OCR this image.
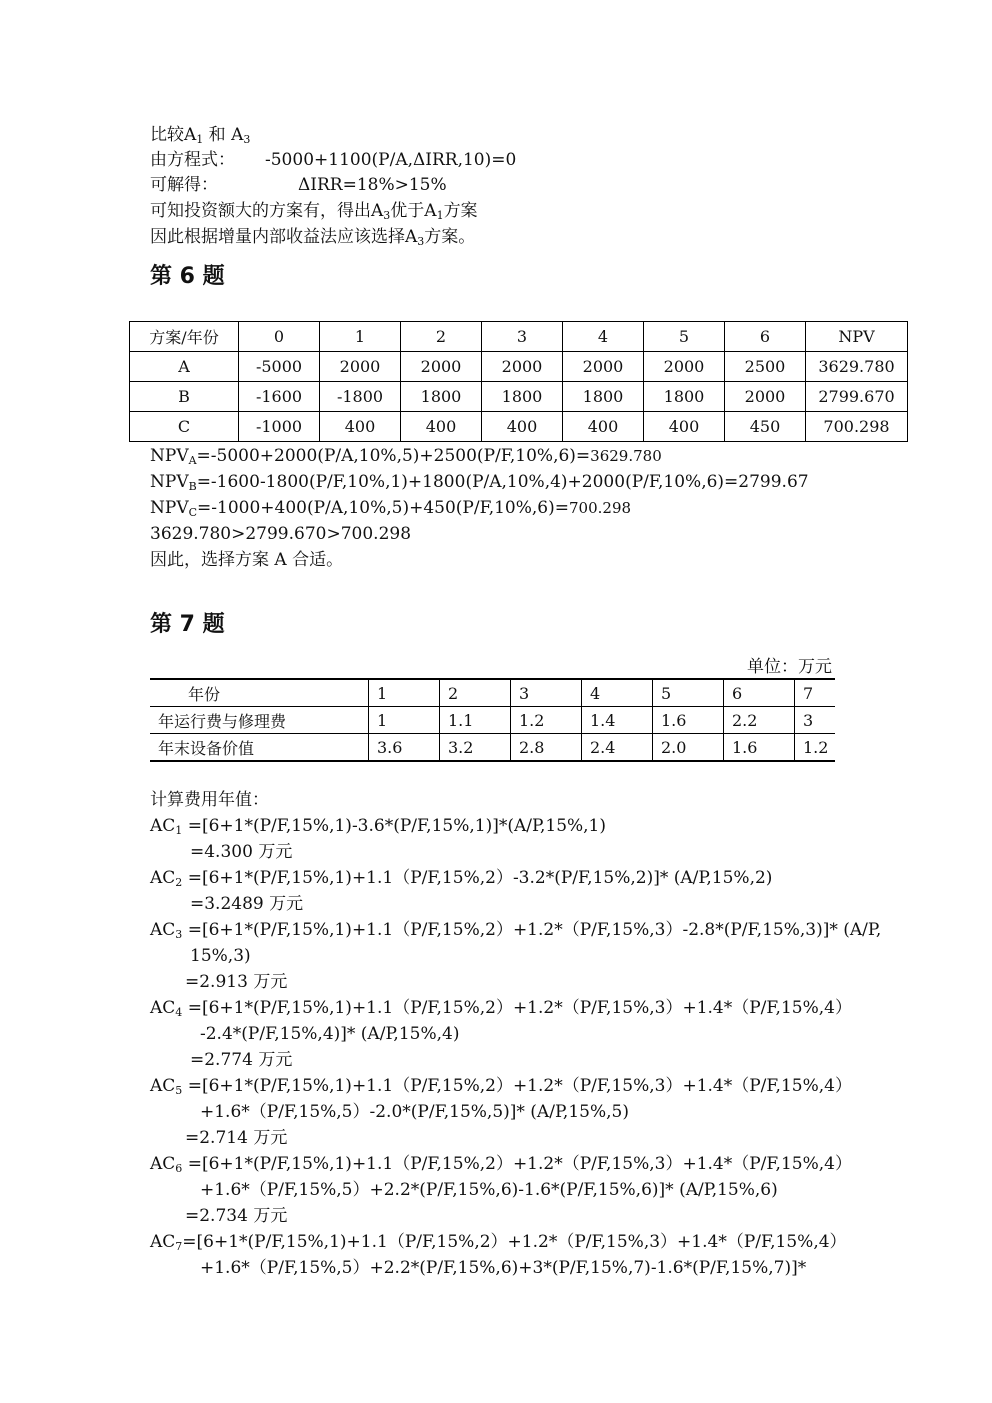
比较$A_1$ 和 $A_3$
由方程式： -5000+1100(P/A,ΔIRR,10)=0
可解得：	ΔIRR=18%>15%
可知投资额大的方案有，得出$A_3$优于$A_1$方案
因此根据增量内部收益法应该选择$A_3$方案。
第 6 题
方案/年份	0	1	2	3	4	5	6	NPV
A	-5000	2000	2000	2000	2000	2000	2500	3629.780
B	-1600	-1800	1800	1800	1800	1800	2000	2799.670
C	-1000	400	400	400	400	400	450	700.298
$NPV_A=-5000+2000(P/A,10\%,5)+2500(P/F,10\%,6)=3629.780$
$NPV_B=-1600-1800(P/F,10\%,1)+1800(P/A,10\%,4)+2000(P/F,10\%,6)=2799.67$
$NPV_C=-1000+400(P/A,10\%,5)+450(P/F,10\%,6)=700.298$
3629.780>2799.670>700.298
因此，选择方案 A 合适。
第 7 题
单位：万元
年份	1	2	3	4	5	6	7
年运行费与修理费	1	1.1	1.2	1.4	1.6	2.2	3
年末设备价值	3.6	3.2	2.8	2.4	2.0	1.6	1.2
计算费用年值：
$AC_1 =[6+1*(P/F,15\%,1)-3.6*(P/F,15\%,1)]*(A/P,15\%,1)$
=4.300 万元
$AC_2 =[6+1*(P/F,15\%,1)+1.1(P/F,15\%,2)-3.2*(P/F,15\%,2)]*$ (A/P,15%,2)
=3.2489 万元
$AC_3 =[6+1*(P/F,15\%,1)+1.1(P/F,15\%,2)+1.2*(P/F,15\%,3)-2.8*(P/F,15\%,3)]*$ (A/P,
15%,3)
=2.913 万元
$AC_4 =[6+1*(P/F,15\%,1)+1.1(P/F,15\%,2)+1.2*(P/F,15\%,3)+1.4*(P/F,15\%,4)$
-2.4*(P/F,15%,4)]* (A/P,15%,4)
=2.774 万元
$AC_5 =[6+1*(P/F,15\%,1)+1.1(P/F,15\%,2)+1.2*(P/F,15\%,3)+1.4*(P/F,15\%,4)$
+1.6*（P/F,15%,5）-2.0*(P/F,15%,5)]* (A/P,15%,5)
=2.714 万元
$AC_6 =[6+1*(P/F,15\%,1)+1.1(P/F,15\%,2)+1.2*(P/F,15\%,3)+1.4*(P/F,15\%,4)$
+1.6*（P/F,15%,5）+2.2*(P/F,15%,6)-1.6*(P/F,15%,6)]* (A/P,15%,6)
=2.734 万元
$AC_7=[6+1*(P/F,15\%,1)+1.1(P/F,15\%,2)+1.2*(P/F,15\%,3)+1.4*(P/F,15\%,4)$
+1.6*（P/F,15%,5）+2.2*(P/F,15%,6)+3*(P/F,15%,7)-1.6*(P/F,15%,7)]*
